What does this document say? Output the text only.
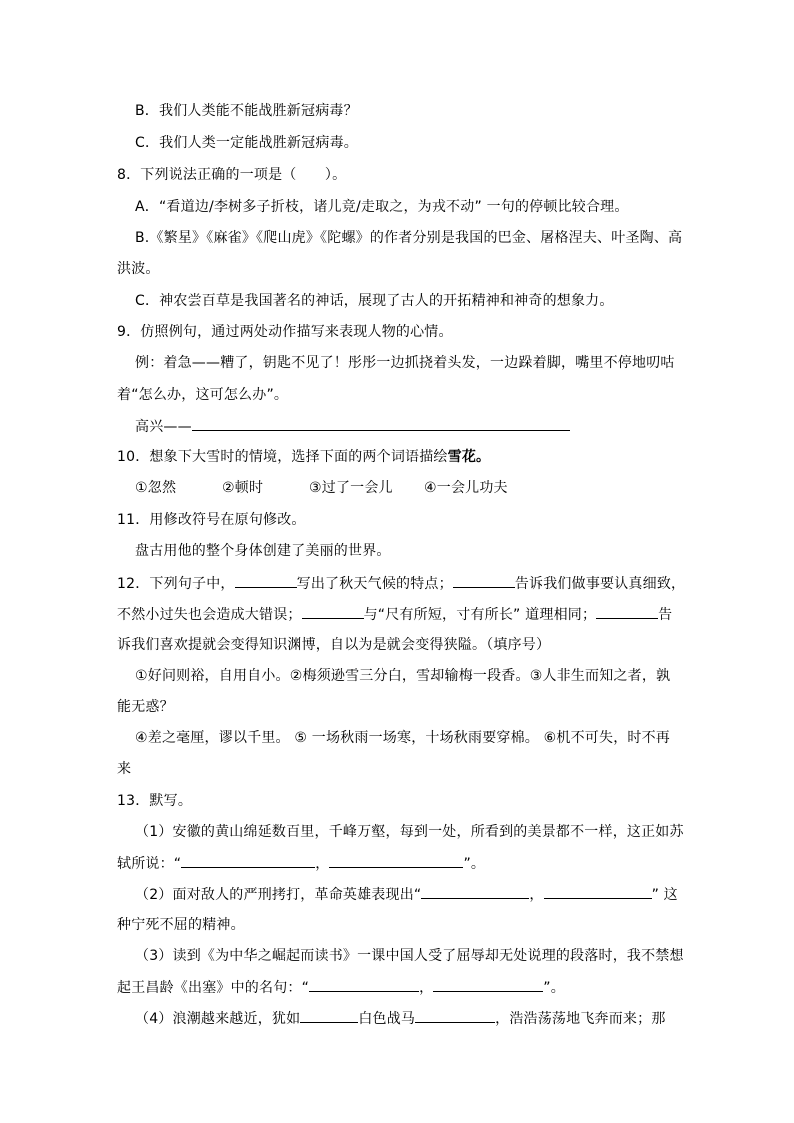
B．我们人类能不能战胜新冠病毒？
C．我们人类一定能战胜新冠病毒。
8．下列说法正确的一项是（　　）。
A．“看道边/李树多子折枝，诸儿竞/走取之，为戎不动” 一句的停顿比较合理。
B.《繁星》《麻雀》《爬山虎》《陀螺》的作者分别是我国的巴金、屠格涅夫、叶圣陶、高
洪波。
C．神农尝百草是我国著名的神话，展现了古人的开拓精神和神奇的想象力。
9．仿照例句，通过两处动作描写来表现人物的心情。
例：着急——糟了，钥匙不见了！彤彤一边抓挠着头发，一边跺着脚，嘴里不停地叨咕
着“怎么办，这可怎么办”。
高兴——
10．想象下大雪时的情境，选择下面的两个词语描绘雪花。
①忽然	②顿时	③过了一会儿 ④一会儿功夫
11．用修改符号在原句修改。
盘古用他的整个身体创建了美丽的世界。
12．下列句子中，	写出了秋天气候的特点；	告诉我们做事要认真细致，
不然小过失也会造成大错误；	与“尺有所短，寸有所长” 道理相同；	告
诉我们喜欢提就会变得知识渊博，自以为是就会变得狭隘。（填序号）
①好问则裕，自用自小。②梅须逊雪三分白，雪却输梅一段香。③人非生而知之者，孰
能无惑？
④差之毫厘，谬以千里。 ⑤ 一场秋雨一场寒，十场秋雨要穿棉。 ⑥机不可失，时不再
来
13．默写。
（1）安徽的黄山绵延数百里，千峰万壑，每到一处，所看到的美景都不一样，这正如苏
轼所说：“	，	”。
（2）面对敌人的严刑拷打，革命英雄表现出“	，	” 这
种宁死不屈的精神。
（3）读到《为中华之崛起而读书》一课中国人受了屈辱却无处说理的段落时，我不禁想
起王昌龄《出塞》中的名句：“	，	”。
（4）浪潮越来越近，犹如	白色战马	，浩浩荡荡地飞奔而来；那
